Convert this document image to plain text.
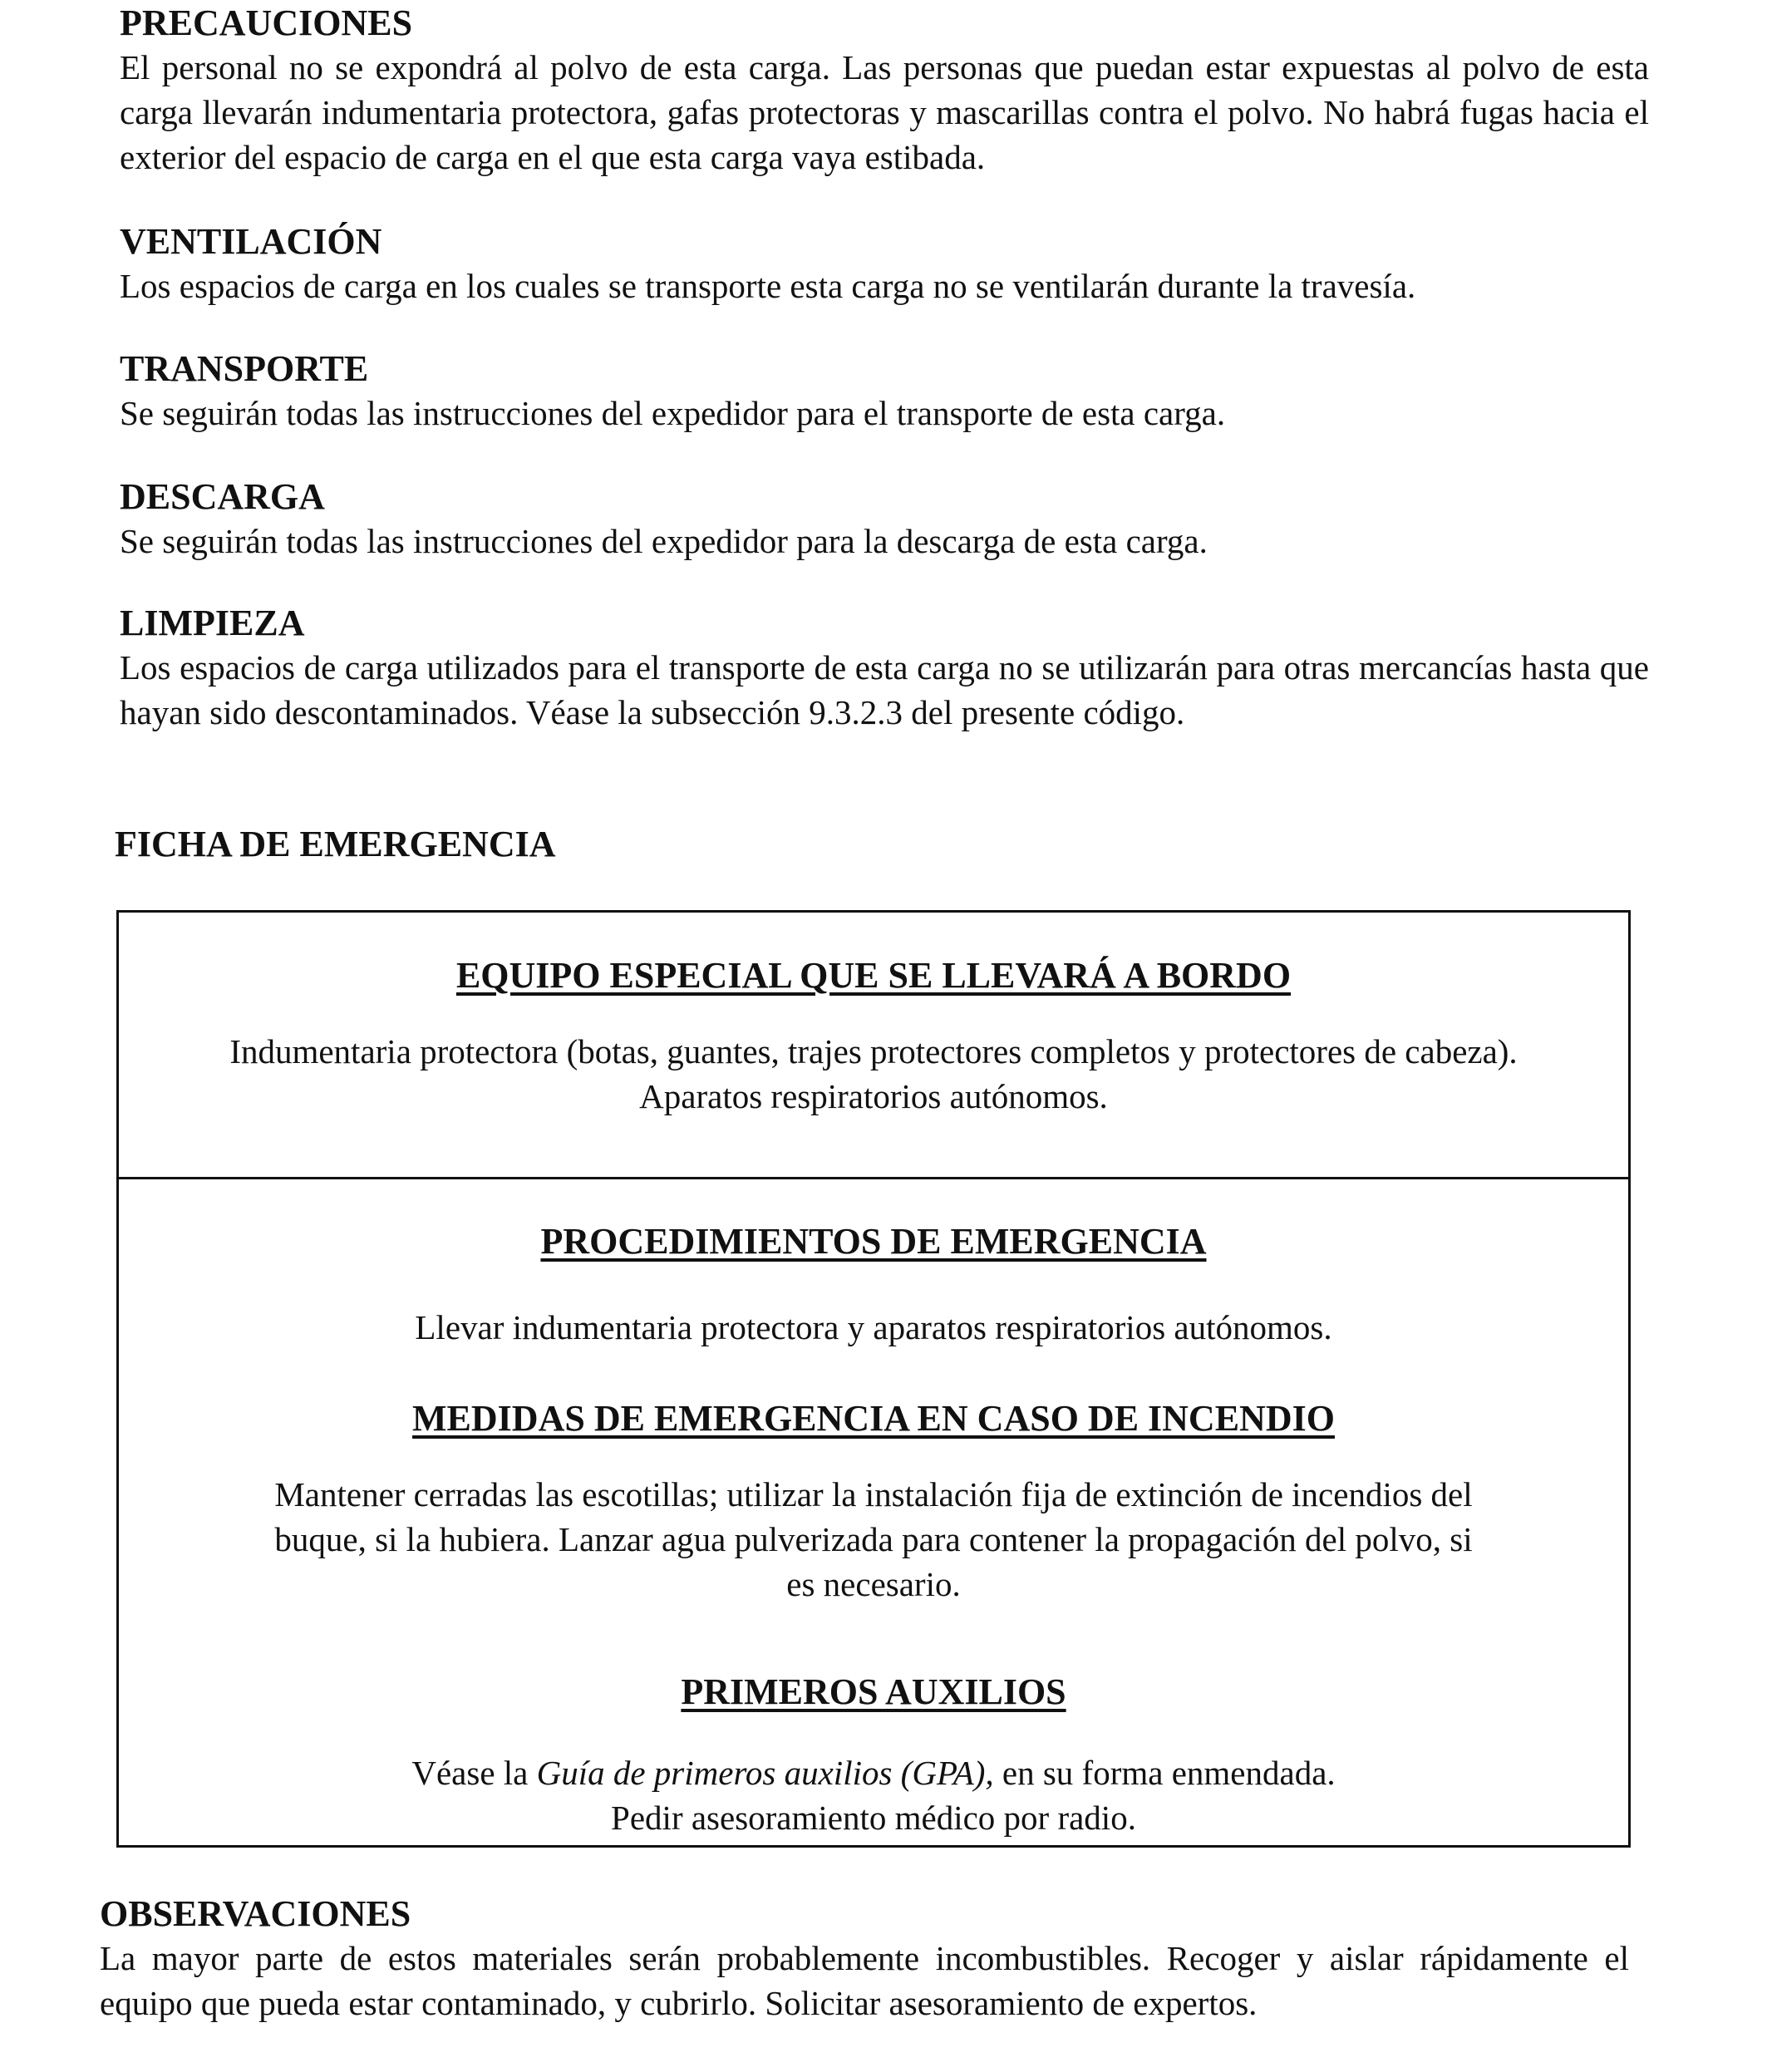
PRECAUCIONES

El personal no se expondrá al polvo de esta carga. Las personas que puedan estar expuestas al polvo de esta carga llevarán indumentaria protectora, gafas protectoras y mascarillas contra el polvo. No habrá fugas hacia el exterior del espacio de carga en el que esta carga vaya estibada.

VENTILACIÓN

Los espacios de carga en los cuales se transporte esta carga no se ventilarán durante la travesía.

TRANSPORTE

Se seguirán todas las instrucciones del expedidor para el transporte de esta carga.

DESCARGA

Se seguirán todas las instrucciones del expedidor para la descarga de esta carga.

LIMPIEZA

Los espacios de carga utilizados para el transporte de esta carga no se utilizarán para otras mercancías hasta que hayan sido descontaminados. Véase la subsección 9.3.2.3 del presente código.

FICHA DE EMERGENCIA
EQUIPO ESPECIAL QUE SE LLEVARÁ A BORDO

Indumentaria protectora (botas, guantes, trajes protectores completos y protectores de cabeza).

Aparatos respiratorios autónomos.

PROCEDIMIENTOS DE EMERGENCIA

Llevar indumentaria protectora y aparatos respiratorios autónomos.

MEDIDAS DE EMERGENCIA EN CASO DE INCENDIO

Mantener cerradas las escotillas; utilizar la instalación fija de extinción de incendios del

buque, si la hubiera. Lanzar agua pulverizada para contener la propagación del polvo, si

es necesario.

PRIMEROS AUXILIOS

Véase la Guía de primeros auxilios (GPA), en su forma enmendada.

Pedir asesoramiento médico por radio.

OBSERVACIONES

La mayor parte de estos materiales serán probablemente incombustibles. Recoger y aislar rápidamente el equipo que pueda estar contaminado, y cubrirlo. Solicitar asesoramiento de expertos.
